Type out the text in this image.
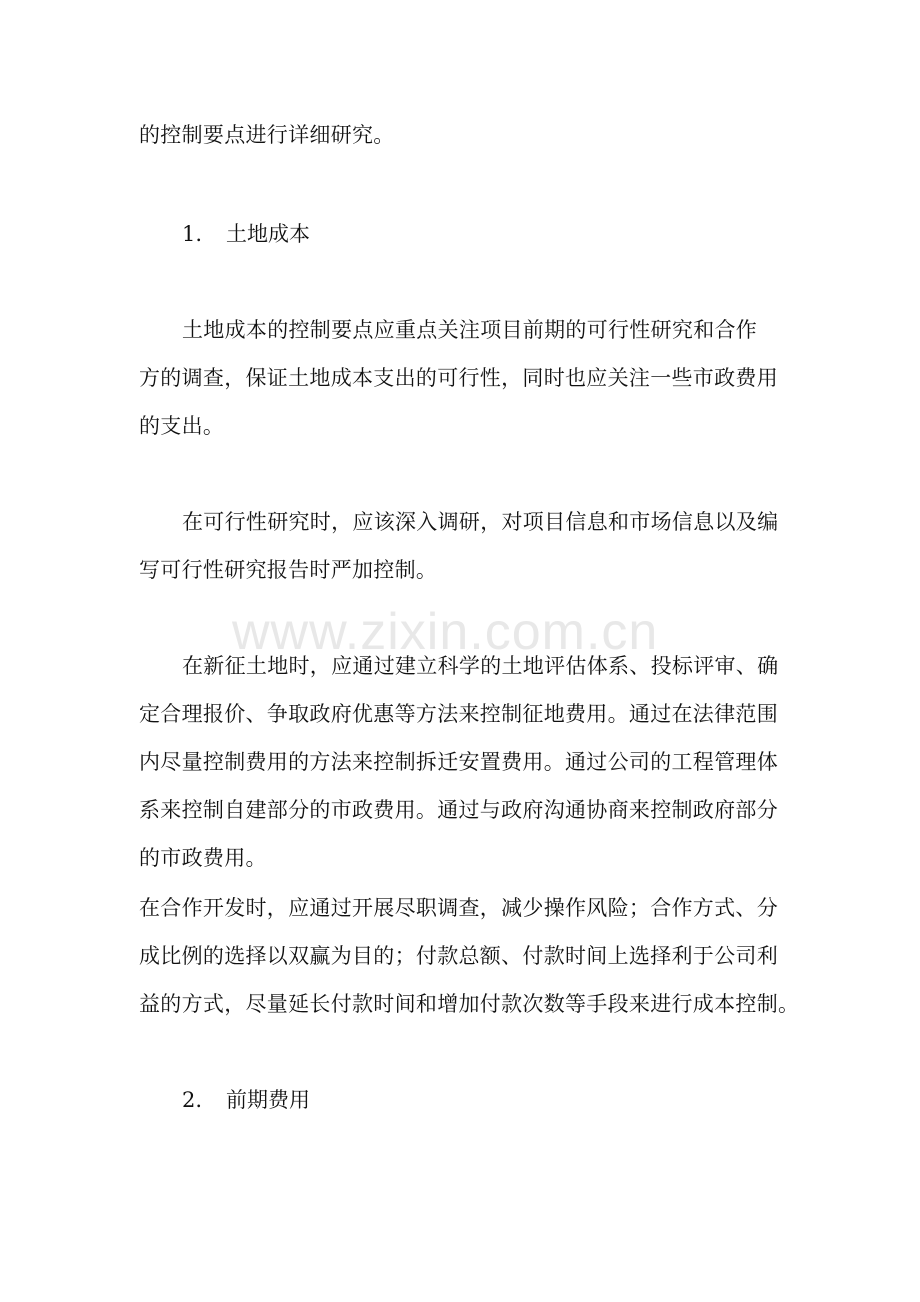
www.zixin.com.cn
的控制要点进行详细研究。
1. 土地成本
土地成本的控制要点应重点关注项目前期的可行性研究和合作
方的调查，保证土地成本支出的可行性，同时也应关注一些市政费用
的支出。
在可行性研究时，应该深入调研，对项目信息和市场信息以及编
写可行性研究报告时严加控制。
在新征土地时，应通过建立科学的土地评估体系、投标评审、确
定合理报价、争取政府优惠等方法来控制征地费用。通过在法律范围
内尽量控制费用的方法来控制拆迁安置费用。通过公司的工程管理体
系来控制自建部分的市政费用。通过与政府沟通协商来控制政府部分
的市政费用。
在合作开发时，应通过开展尽职调查，减少操作风险；合作方式、分
成比例的选择以双赢为目的；付款总额、付款时间上选择利于公司利
益的方式，尽量延长付款时间和增加付款次数等手段来进行成本控制。
2. 前期费用
